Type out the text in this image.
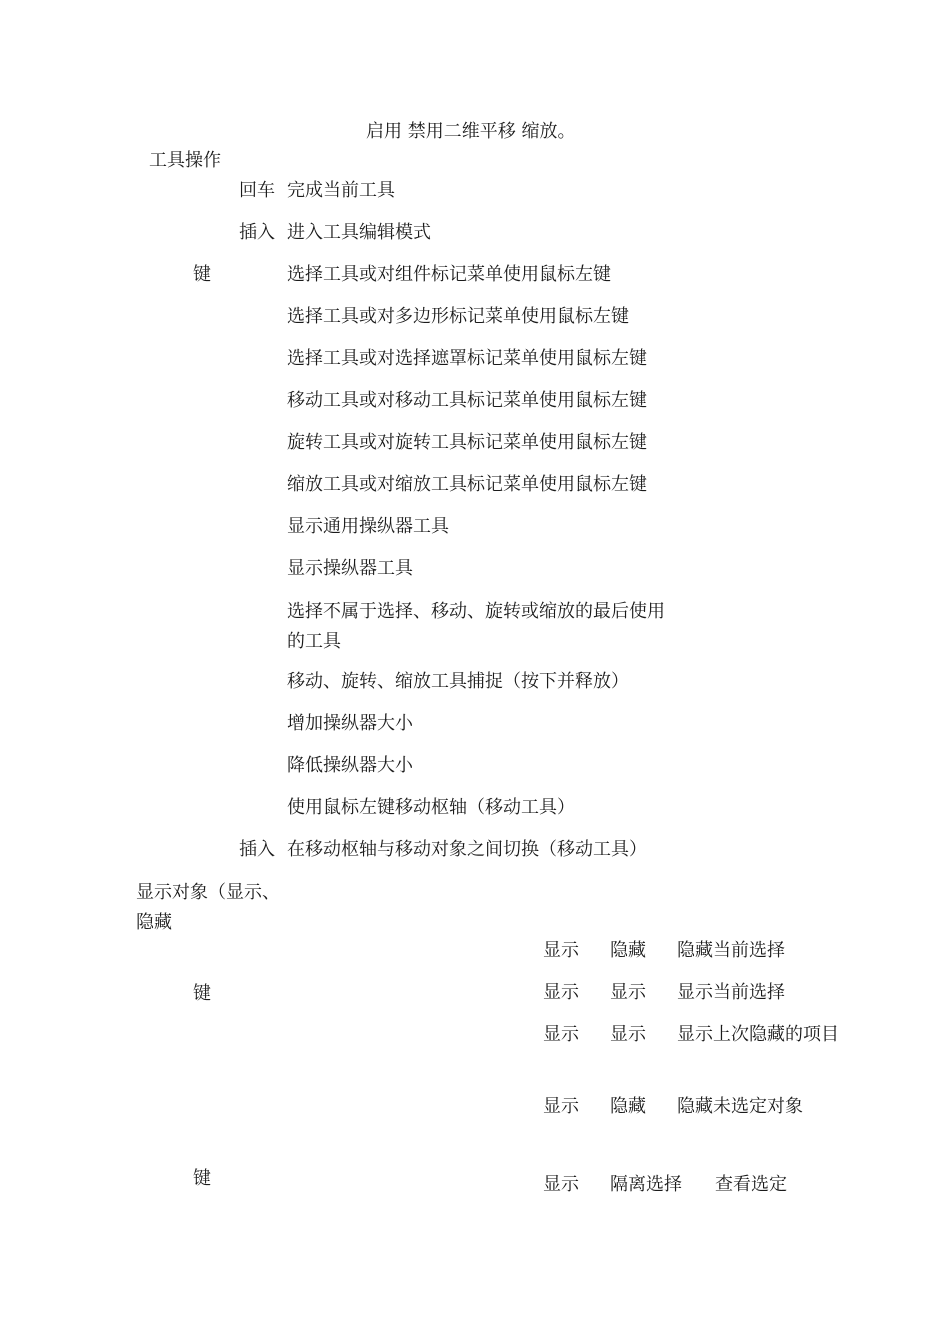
启用 禁用二维平移 缩放。
工具操作
回车 完成当前工具
插入 进入工具编辑模式
键	选择工具或对组件标记菜单使用鼠标左键
选择工具或对多边形标记菜单使用鼠标左键
选择工具或对选择遮罩标记菜单使用鼠标左键
移动工具或对移动工具标记菜单使用鼠标左键
旋转工具或对旋转工具标记菜单使用鼠标左键
缩放工具或对缩放工具标记菜单使用鼠标左键
显示通用操纵器工具
显示操纵器工具
选择不属于选择、移动、旋转或缩放的最后使用的工具
移动、旋转、缩放工具捕捉（按下并释放）
增加操纵器大小
降低操纵器大小
使用鼠标左键移动枢轴（移动工具）
插入 在移动枢轴与移动对象之间切换（移动工具）
显示对象（显示、隐藏
键
键
显示 隐藏 隐藏当前选择
显示 显示 显示当前选择
显示 显示 显示上次隐藏的项目
显示 隐藏 隐藏未选定对象
显示 隔离选择 查看选定
